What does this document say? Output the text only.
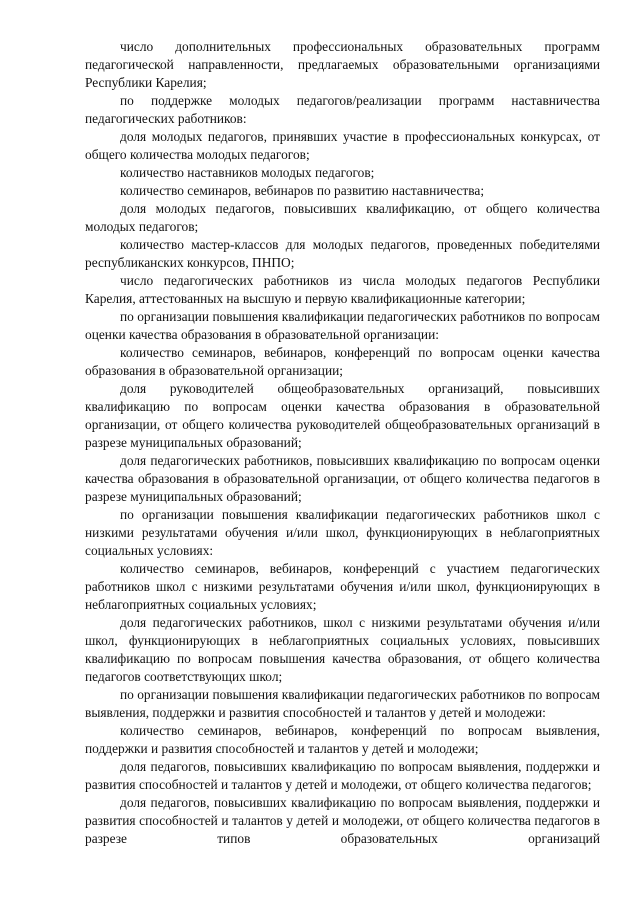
число дополнительных профессиональных образовательных программ педагогической направленности, предлагаемых образовательными организациями Республики Карелия;

по поддержке молодых педагогов/реализации программ наставничества педагогических работников:

доля молодых педагогов, принявших участие в профессиональных конкурсах, от общего количества молодых педагогов;

количество наставников молодых педагогов;

количество семинаров, вебинаров по развитию наставничества;

доля молодых педагогов, повысивших квалификацию, от общего количества молодых педагогов;

количество мастер-классов для молодых педагогов, проведенных победителями республиканских конкурсов, ПНПО;

число педагогических работников из числа молодых педагогов Республики Карелия, аттестованных на высшую и первую квалификационные категории;

по организации повышения квалификации педагогических работников по вопросам оценки качества образования в образовательной организации:

количество семинаров, вебинаров, конференций по вопросам оценки качества образования в образовательной организации;

доля руководителей общеобразовательных организаций, повысивших квалификацию по вопросам оценки качества образования в образовательной организации, от общего количества руководителей общеобразовательных организаций в разрезе муниципальных образований;

доля педагогических работников, повысивших квалификацию по вопросам оценки качества образования в образовательной организации, от общего количества педагогов в разрезе муниципальных образований;

по организации повышения квалификации педагогических работников школ с низкими результатами обучения и/или школ, функционирующих в неблагоприятных социальных условиях:

количество семинаров, вебинаров, конференций с участием педагогических работников школ с низкими результатами обучения и/или школ, функционирующих в неблагоприятных социальных условиях;

доля педагогических работников, школ с низкими результатами обучения и/или школ, функционирующих в неблагоприятных социальных условиях, повысивших квалификацию по вопросам повышения качества образования, от общего количества педагогов соответствующих школ;

по организации повышения квалификации педагогических работников по вопросам выявления, поддержки и развития способностей и талантов у детей и молодежи:

количество семинаров, вебинаров, конференций по вопросам выявления, поддержки и развития способностей и талантов у детей и молодежи;

доля педагогов, повысивших квалификацию по вопросам выявления, поддержки и развития способностей и талантов у детей и молодежи, от общего количества педагогов;

доля педагогов, повысивших квалификацию по вопросам выявления, поддержки и развития способностей и талантов у детей и молодежи, от общего количества педагогов в разрезе типов образовательных организаций
